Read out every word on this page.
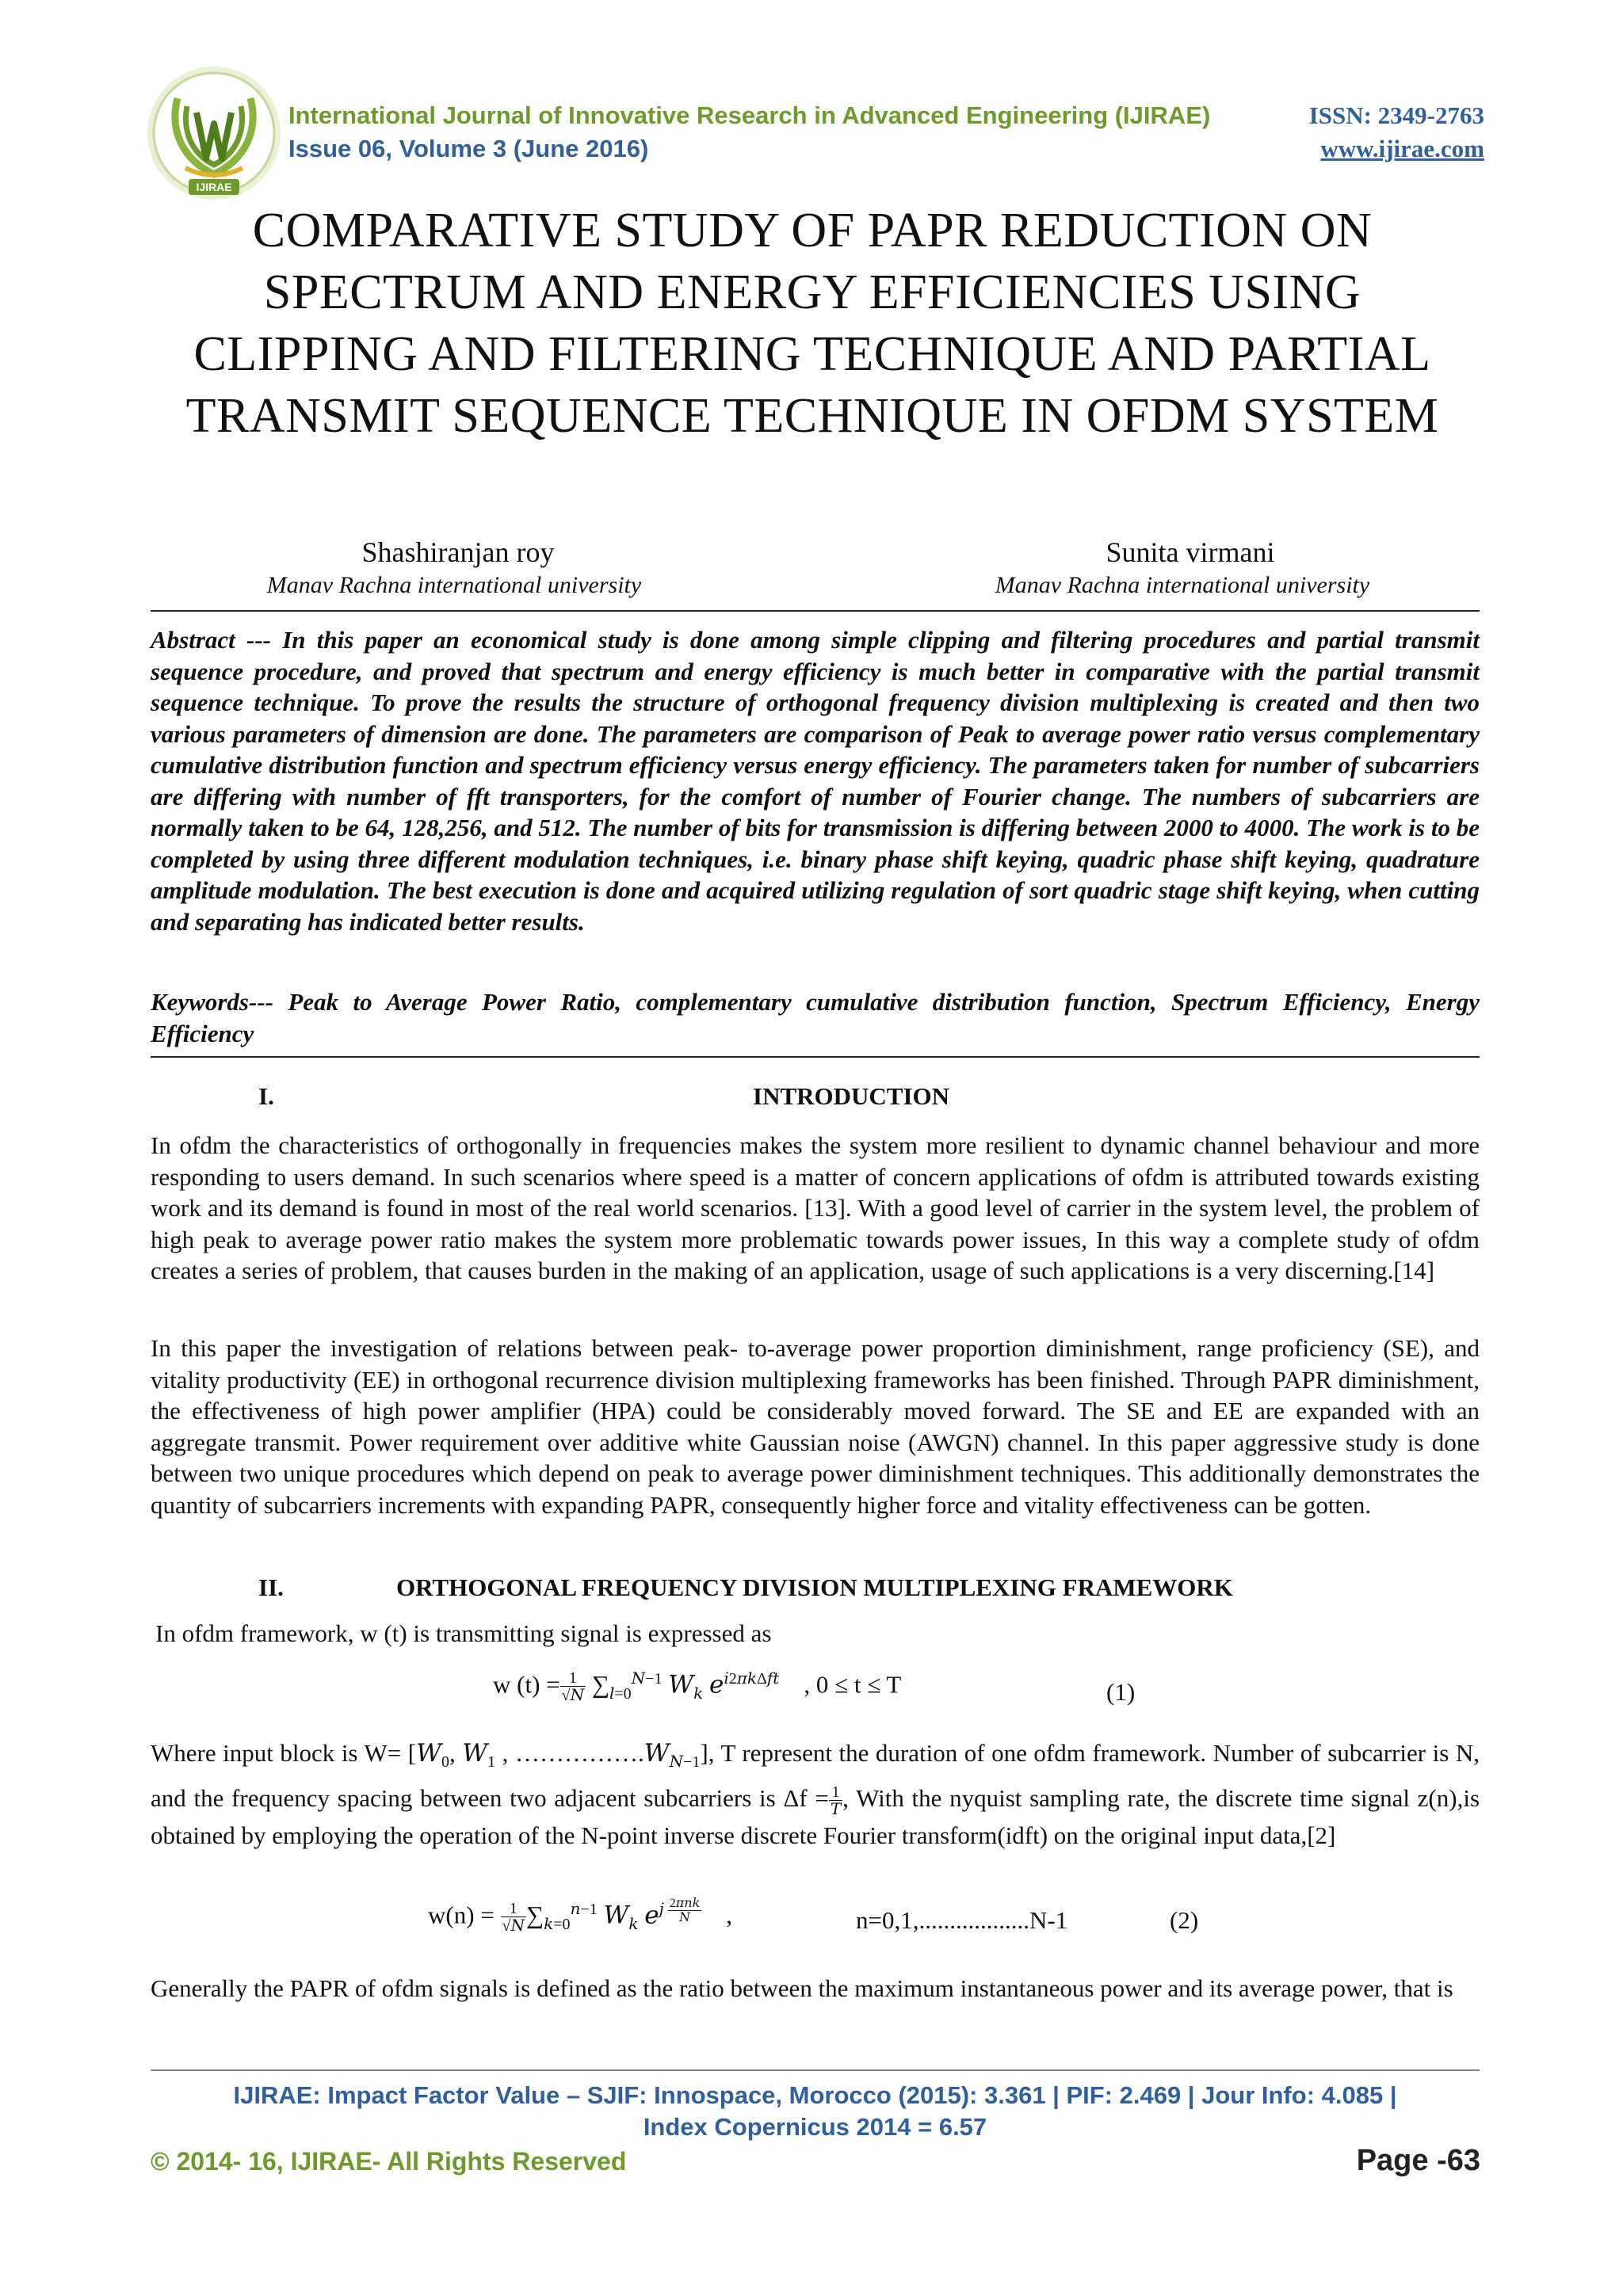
IJIRAE
International Journal of Innovative Research in Advanced Engineering (IJIRAE)	ISSN: 2349-2763
Issue 06, Volume 3 (June 2016)	www.ijirae.com
COMPARATIVE STUDY OF PAPR REDUCTION ON SPECTRUM AND ENERGY EFFICIENCIES USING CLIPPING AND FILTERING TECHNIQUE AND PARTIAL TRANSMIT SEQUENCE TECHNIQUE IN OFDM SYSTEM
Shashiranjan roy
Manav Rachna international university
Sunita virmani
Manav Rachna international university
Abstract --- In this paper an economical study is done among simple clipping and filtering procedures and partial transmit sequence procedure, and proved that spectrum and energy efficiency is much better in comparative with the partial transmit sequence technique. To prove the results the structure of orthogonal frequency division multiplexing is created and then two various parameters of dimension are done. The parameters are comparison of Peak to average power ratio versus complementary cumulative distribution function and spectrum efficiency versus energy efficiency. The parameters taken for number of subcarriers are differing with number of fft transporters, for the comfort of number of Fourier change. The numbers of subcarriers are normally taken to be 64, 128,256, and 512. The number of bits for transmission is differing between 2000 to 4000. The work is to be completed by using three different modulation techniques, i.e. binary phase shift keying, quadric phase shift keying, quadrature amplitude modulation. The best execution is done and acquired utilizing regulation of sort quadric stage shift keying, when cutting and separating has indicated better results.
Keywords--- Peak to Average Power Ratio, complementary cumulative distribution function, Spectrum Efficiency, Energy Efficiency
I.	INTRODUCTION
In ofdm the characteristics of orthogonally in frequencies makes the system more resilient to dynamic channel behaviour and more responding to users demand. In such scenarios where speed is a matter of concern applications of ofdm is attributed towards existing work and its demand is found in most of the real world scenarios. [13]. With a good level of carrier in the system level, the problem of high peak to average power ratio makes the system more problematic towards power issues, In this way a complete study of ofdm creates a series of problem, that causes burden in the making of an application, usage of such applications is a very discerning.[14]
In this paper the investigation of relations between peak- to-average power proportion diminishment, range proficiency (SE), and vitality productivity (EE) in orthogonal recurrence division multiplexing frameworks has been finished. Through PAPR diminishment, the effectiveness of high power amplifier (HPA) could be considerably moved forward. The SE and EE are expanded with an aggregate transmit. Power requirement over additive white Gaussian noise (AWGN) channel. In this paper aggressive study is done between two unique procedures which depend on peak to average power diminishment techniques. This additionally demonstrates the quantity of subcarriers increments with expanding PAPR, consequently higher force and vitality effectiveness can be gotten.
II.	ORTHOGONAL FREQUENCY DIVISION MULTIPLEXING FRAMEWORK
In ofdm framework, w (t) is transmitting signal is expressed as
w $(t) = \frac{1}{√N} \sum_{l=0}^{N-1}$ $W_k$ $e^{i2\pi k\Delta ft}$ , 0 ≤ t ≤ T	(1)
Where input block is $W= [W_0$, $W_1$ , $\dots\dots\dots\dots\dots.W_{N-1}$], T represent the duration of one ofdm framework. Number of subcarrier is N, and the frequency spacing between two adjacent subcarriers is $\Delta f = \frac{1}{T}$ , With the nyquist sampling rate, the discrete time signal z(n),is obtained by employing the operation of the N-point inverse discrete Fourier transform(idft) on the original input data,[2]
$w(n) = \frac{1}{√N} \sum_{k=0}^{n-1}$ $W_k$ $e^{j \frac{\text{2πnk}}{N}}$ ,	n=0,1,..................N-1	(2)
Generally the PAPR of ofdm signals is defined as the ratio between the maximum instantaneous power and its average power, that is
IJIRAE: Impact Factor Value – SJIF: Innospace, Morocco (2015): 3.361 | PIF: 2.469 | Jour Info: 4.085 |
Index Copernicus 2014 = 6.57
© 2014- 16, IJIRAE- All Rights Reserved	Page -63
